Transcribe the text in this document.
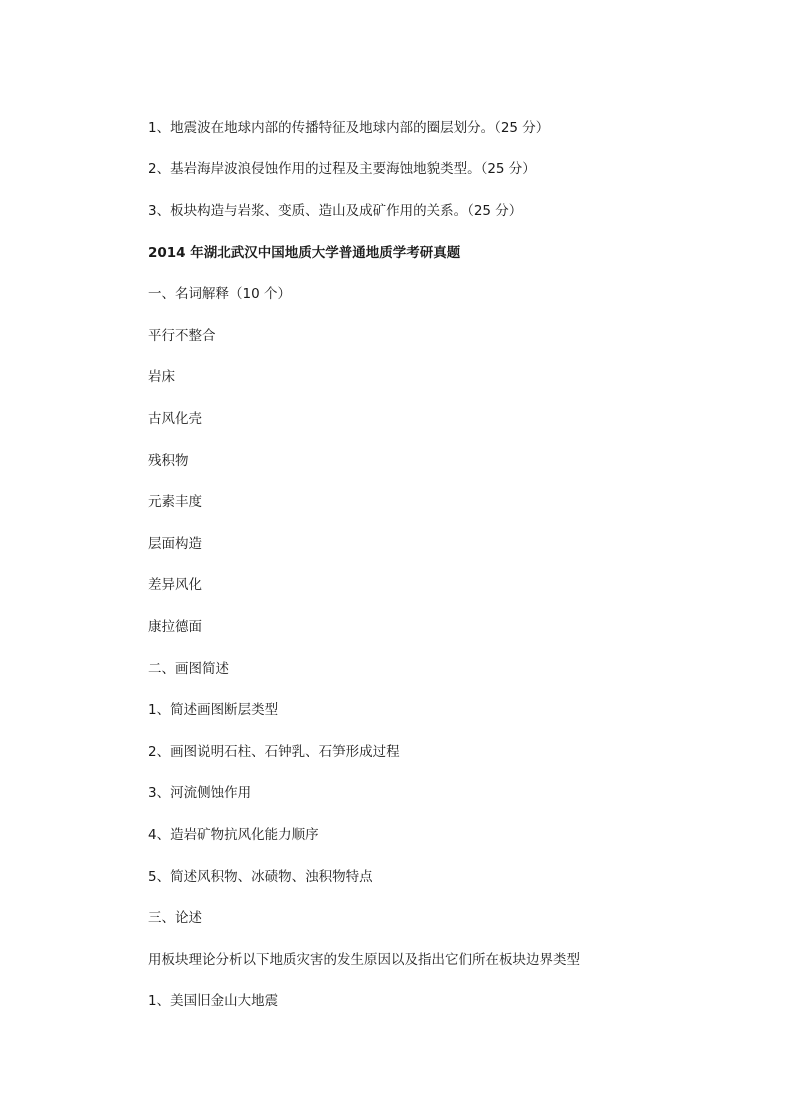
1、地震波在地球内部的传播特征及地球内部的圈层划分。（25 分）
2、基岩海岸波浪侵蚀作用的过程及主要海蚀地貌类型。（25 分）
3、板块构造与岩浆、变质、造山及成矿作用的关系。（25 分）
2014 年湖北武汉中国地质大学普通地质学考研真题
一、名词解释（10 个）
平行不整合
岩床
古风化壳
残积物
元素丰度
层面构造
差异风化
康拉德面
二、画图简述
1、简述画图断层类型
2、画图说明石柱、石钟乳、石笋形成过程
3、河流侧蚀作用
4、造岩矿物抗风化能力顺序
5、简述风积物、冰碛物、浊积物特点
三、论述
用板块理论分析以下地质灾害的发生原因以及指出它们所在板块边界类型
1、美国旧金山大地震
